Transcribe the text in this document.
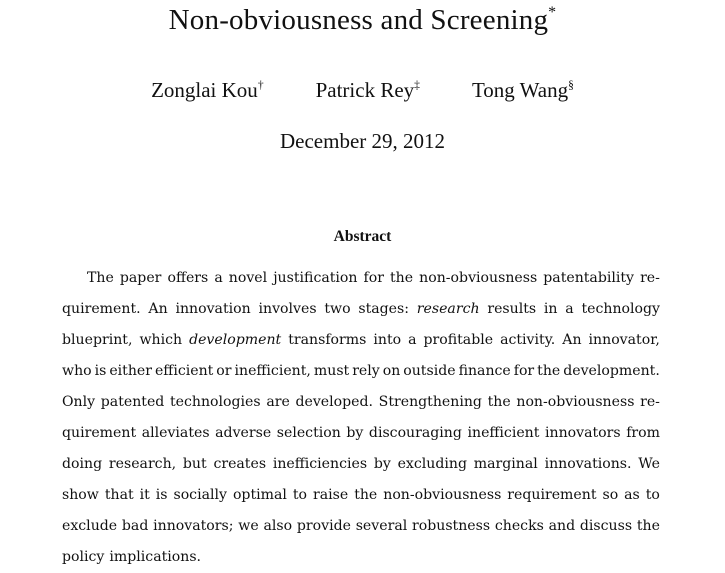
Non-obviousness and Screening*
Zonglai Kou† Patrick Rey‡ Tong Wang§
December 29, 2012
Abstract
The paper offers a novel justification for the non-obviousness patentability re-
quirement. An innovation involves two stages: research results in a technology
blueprint, which development transforms into a profitable activity. An innovator,
who is either efficient or inefficient, must rely on outside finance for the development.
Only patented technologies are developed. Strengthening the non-obviousness re-
quirement alleviates adverse selection by discouraging inefficient innovators from
doing research, but creates inefficiencies by excluding marginal innovations. We
show that it is socially optimal to raise the non-obviousness requirement so as to
exclude bad innovators; we also provide several robustness checks and discuss the
policy implications.
